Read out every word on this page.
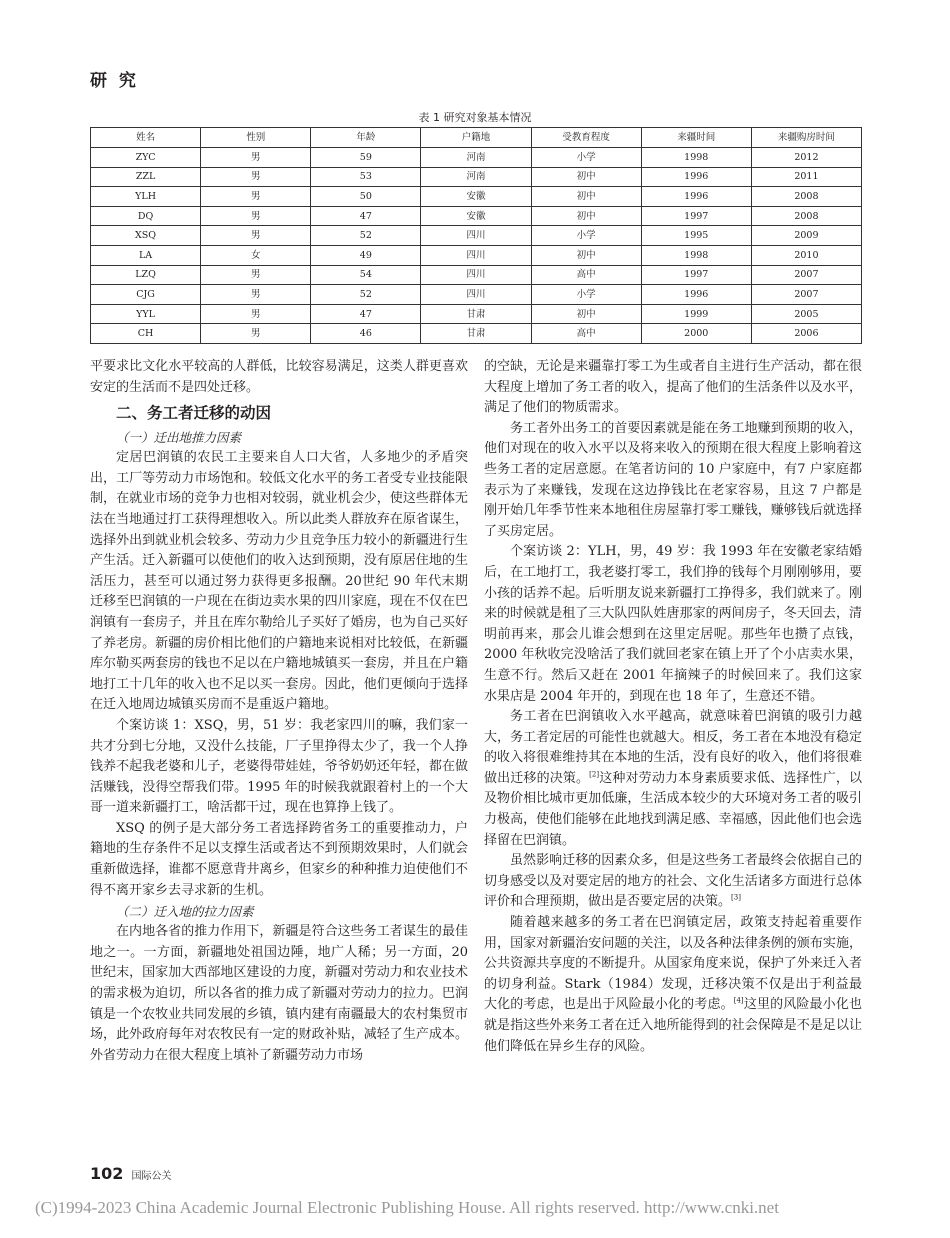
研 究
表 1 研究对象基本情况
姓名	性别	年龄	户籍地	受教育程度	来疆时间	来疆购房时间
ZYC	男	59	河南	小学	1998	2012
ZZL	男	53	河南	初中	1996	2011
YLH	男	50	安徽	初中	1996	2008
DQ	男	47	安徽	初中	1997	2008
XSQ	男	52	四川	小学	1995	2009
LA	女	49	四川	初中	1998	2010
LZQ	男	54	四川	高中	1997	2007
CJG	男	52	四川	小学	1996	2007
YYL	男	47	甘肃	初中	1999	2005
CH	男	46	甘肃	高中	2000	2006

平要求比文化水平较高的人群低，比较容易满足，这类人群更喜欢安定的生活而不是四处迁移。

二、务工者迁移的动因
（一）迁出地推力因素

定居巴润镇的农民工主要来自人口大省，人多地少的矛盾突出，工厂等劳动力市场饱和。较低文化水平的务工者受专业技能限制，在就业市场的竞争力也相对较弱，就业机会少，使这些群体无法在当地通过打工获得理想收入。所以此类人群放弃在原省谋生，选择外出到就业机会较多、劳动力少且竞争压力较小的新疆进行生产生活。迁入新疆可以使他们的收入达到预期，没有原居住地的生活压力，甚至可以通过努力获得更多报酬。20世纪 90 年代末期迁移至巴润镇的一户现在在街边卖水果的四川家庭，现在不仅在巴润镇有一套房子，并且在库尔勒给儿子买好了婚房，也为自己买好了养老房。新疆的房价相比他们的户籍地来说相对比较低，在新疆库尔勒买两套房的钱也不足以在户籍地城镇买一套房，并且在户籍地打工十几年的收入也不足以买一套房。因此，他们更倾向于选择在迁入地周边城镇买房而不是重返户籍地。

个案访谈 1：XSQ，男，51 岁：我老家四川的嘛，我们家一共才分到七分地，又没什么技能，厂子里挣得太少了，我一个人挣钱养不起我老婆和儿子，老婆得带娃娃，爷爷奶奶还年轻，都在做活赚钱，没得空帮我们带。1995 年的时候我就跟着村上的一个大哥一道来新疆打工，啥活都干过，现在也算挣上钱了。

XSQ 的例子是大部分务工者选择跨省务工的重要推动力，户籍地的生存条件不足以支撑生活或者达不到预期效果时，人们就会重新做选择，谁都不愿意背井离乡，但家乡的种种推力迫使他们不得不离开家乡去寻求新的生机。

（二）迁入地的拉力因素

在内地各省的推力作用下，新疆是符合这些务工者谋生的最佳地之一。一方面，新疆地处祖国边陲，地广人稀；另一方面，20 世纪末，国家加大西部地区建设的力度，新疆对劳动力和农业技术的需求极为迫切，所以各省的推力成了新疆对劳动力的拉力。巴润镇是一个农牧业共同发展的乡镇，镇内建有南疆最大的农村集贸市场，此外政府每年对农牧民有一定的财政补贴，减轻了生产成本。外省劳动力在很大程度上填补了新疆劳动力市场

的空缺，无论是来疆靠打零工为生或者自主进行生产活动，都在很大程度上增加了务工者的收入，提高了他们的生活条件以及水平，满足了他们的物质需求。

务工者外出务工的首要因素就是能在务工地赚到预期的收入，他们对现在的收入水平以及将来收入的预期在很大程度上影响着这些务工者的定居意愿。在笔者访问的 10 户家庭中，有7 户家庭都表示为了来赚钱，发现在这边挣钱比在老家容易，且这 7 户都是刚开始几年季节性来本地租住房屋靠打零工赚钱，赚够钱后就选择了买房定居。

个案访谈 2：YLH，男，49 岁：我 1993 年在安徽老家结婚后，在工地打工，我老婆打零工，我们挣的钱每个月刚刚够用，要小孩的话养不起。后听朋友说来新疆打工挣得多，我们就来了。刚来的时候就是租了三大队四队姓唐那家的两间房子，冬天回去，清明前再来，那会儿谁会想到在这里定居呢。那些年也攒了点钱，2000 年秋收完没啥活了我们就回老家在镇上开了个小店卖水果，生意不行。然后又赶在 2001 年摘辣子的时候回来了。我们这家水果店是 2004 年开的，到现在也 18 年了，生意还不错。

务工者在巴润镇收入水平越高，就意味着巴润镇的吸引力越大，务工者定居的可能性也就越大。相反，务工者在本地没有稳定的收入将很难维持其在本地的生活，没有良好的收入，他们将很难做出迁移的决策。[2]这种对劳动力本身素质要求低、选择性广，以及物价相比城市更加低廉，生活成本较少的大环境对务工者的吸引力极高，使他们能够在此地找到满足感、幸福感，因此他们也会选择留在巴润镇。

虽然影响迁移的因素众多，但是这些务工者最终会依据自己的切身感受以及对要定居的地方的社会、文化生活诸多方面进行总体评价和合理预期，做出是否要定居的决策。[3]

随着越来越多的务工者在巴润镇定居，政策支持起着重要作用，国家对新疆治安问题的关注，以及各种法律条例的颁布实施，公共资源共享度的不断提升。从国家角度来说，保护了外来迁入者的切身利益。Stark（1984）发现，迁移决策不仅是出于利益最大化的考虑，也是出于风险最小化的考虑。[4]这里的风险最小化也就是指这些外来务工者在迁入地所能得到的社会保障是不是足以让他们降低在异乡生存的风险。

102 国际公关
(C)1994-2023 China Academic Journal Electronic Publishing House. All rights reserved. http://www.cnki.net
